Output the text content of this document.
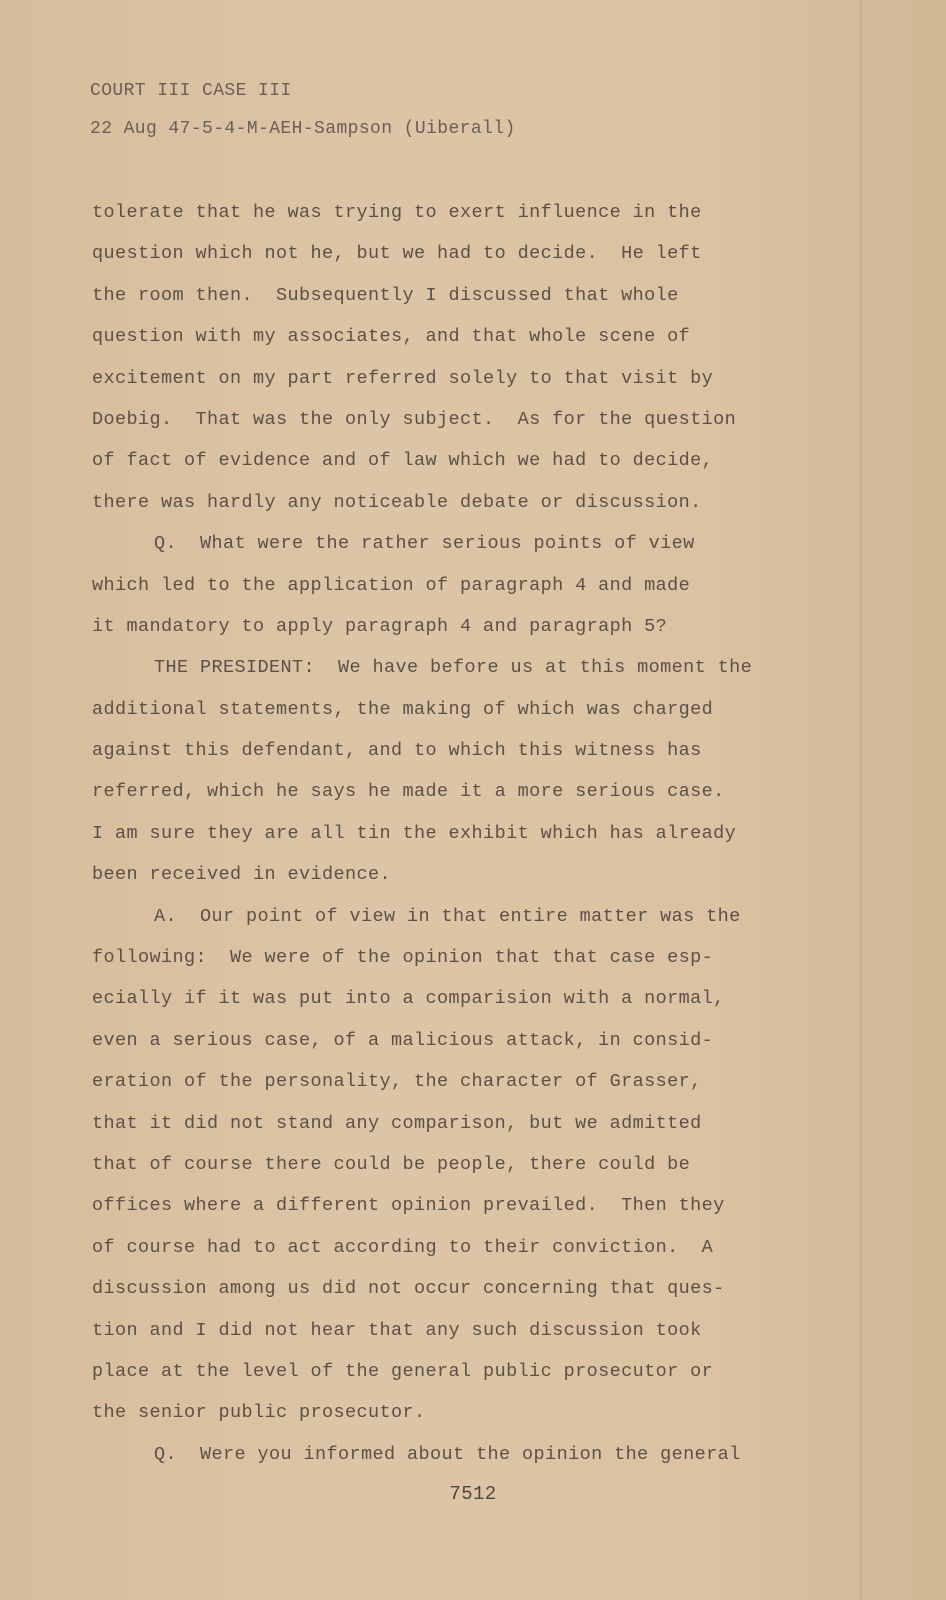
COURT III CASE III
22 Aug 47-5-4-M-AEH-Sampson (Uiberall)
tolerate that he was trying to exert influence in the
question which not he, but we had to decide.  He left
the room then.  Subsequently I discussed that whole
question with my associates, and that whole scene of
excitement on my part referred solely to that visit by
Doebig.  That was the only subject.  As for the question
of fact of evidence and of law which we had to decide,
there was hardly any noticeable debate or discussion.
Q.  What were the rather serious points of view
which led to the application of paragraph 4 and made
it mandatory to apply paragraph 4 and paragraph 5?
THE PRESIDENT:  We have before us at this moment the
additional statements, the making of which was charged
against this defendant, and to which this witness has
referred, which he says he made it a more serious case.
I am sure they are all tin the exhibit which has already
been received in evidence.
A.  Our point of view in that entire matter was the
following:  We were of the opinion that that case esp-
ecially if it was put into a comparision with a normal,
even a serious case, of a malicious attack, in consid-
eration of the personality, the character of Grasser,
that it did not stand any comparison, but we admitted
that of course there could be people, there could be
offices where a different opinion prevailed.  Then they
of course had to act according to their conviction.  A
discussion among us did not occur concerning that ques-
tion and I did not hear that any such discussion took
place at the level of the general public prosecutor or
the senior public prosecutor.
Q.  Were you informed about the opinion the general
7512
